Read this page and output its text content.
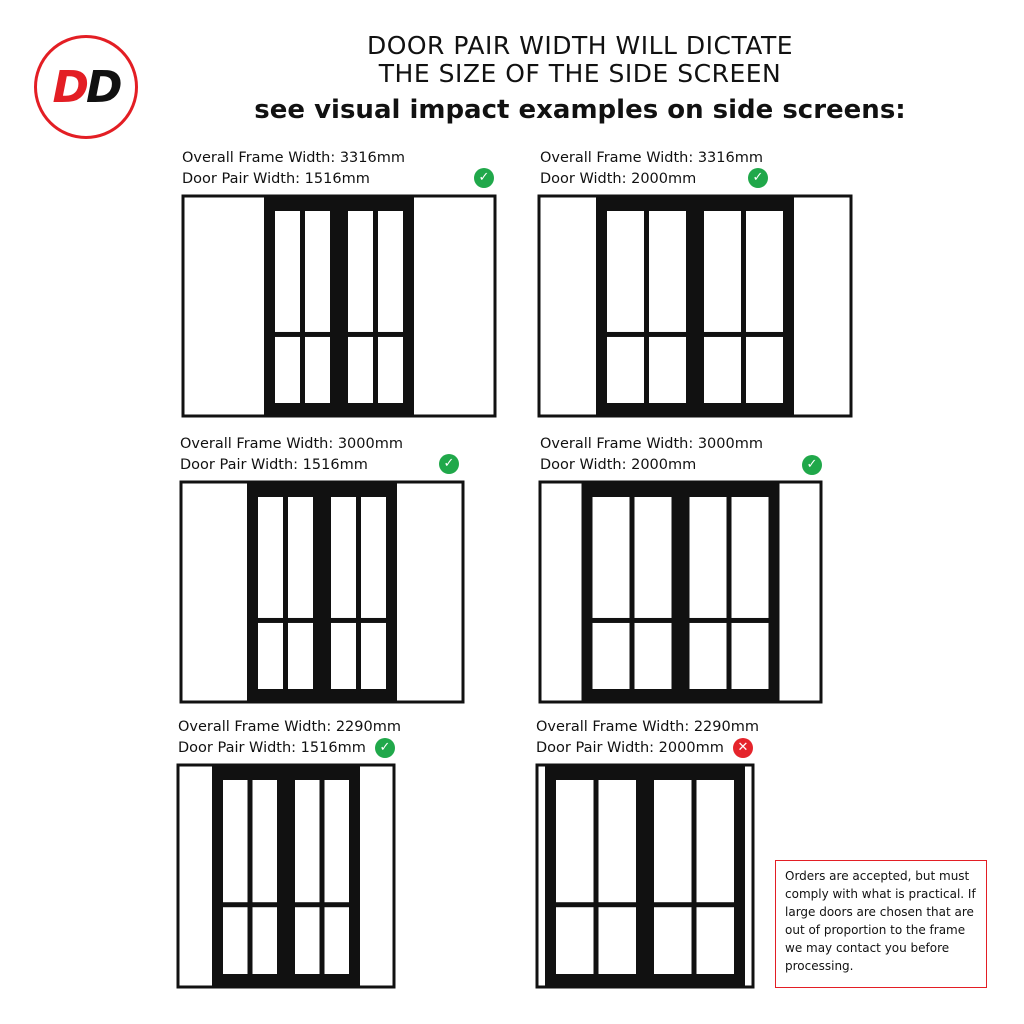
D D
DOOR PAIR WIDTH WILL DICTATE
THE SIZE OF THE SIDE SCREEN
see visual impact examples on side screens:
Overall Frame Width: 3316mm
Door Pair Width: 1516mm	✓
Overall Frame Width: 3316mm
Door Width: 2000mm	✓
Overall Frame Width: 3000mm
Door Pair Width: 1516mm	✓
Overall Frame Width: 3000mm
Door Width: 2000mm	✓
Overall Frame Width: 2290mm
Door Pair Width: 1516mm	✓
Overall Frame Width: 2290mm
Door Pair Width: 2000mm	✕
Orders are accepted, but must comply with what is practical. If large doors are chosen that are out of proportion to the frame we may contact you before processing.
